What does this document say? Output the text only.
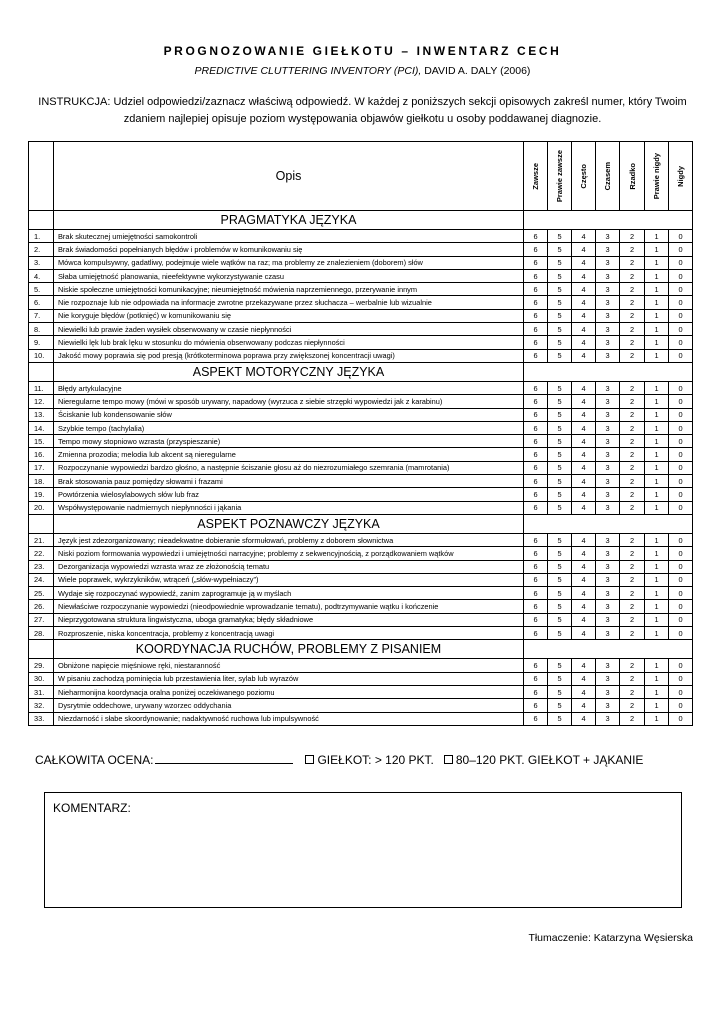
PROGNOZOWANIE GIEŁKOTU – INWENTARZ CECH
PREDICTIVE CLUTTERING INVENTORY (PCI), DAVID A. DALY (2006)
INSTRUKCJA: Udziel odpowiedzi/zaznacz właściwą odpowiedź. W każdej z poniższych sekcji opisowych zakreśl numer, który Twoim zdaniem najlepiej opisuje poziom występowania objawów giełkotu u osoby poddawanej diagnozie.
	Opis	Zawsze	Prawie zawsze	Często	Czasem	Rzadko	Prawie nigdy	Nigdy

	PRAGMATYKA JĘZYKA							
1.	Brak skutecznej umiejętności samokontroli	6	5	4	3	2	1	0
2.	Brak świadomości popełnianych błędów i problemów w komunikowaniu się	6	5	4	3	2	1	0
3.	Mówca kompulsywny, gadatliwy, podejmuje wiele wątków na raz; ma problemy ze znalezieniem (doborem) słów	6	5	4	3	2	1	0
4.	Słaba umiejętność planowania, nieefektywne wykorzystywanie czasu	6	5	4	3	2	1	0
5.	Niskie społeczne umiejętności komunikacyjne; nieumiejętność mówienia naprzemiennego, przerywanie innym	6	5	4	3	2	1	0
6.	Nie rozpoznaje lub nie odpowiada na informacje zwrotne przekazywane przez słuchacza – werbalnie lub wizualnie	6	5	4	3	2	1	0
7.	Nie koryguje błędów (potknięć) w komunikowaniu się	6	5	4	3	2	1	0
8.	Niewielki lub prawie żaden wysiłek obserwowany w czasie niepłynności	6	5	4	3	2	1	0
9.	Niewielki lęk lub brak lęku w stosunku do mówienia obserwowany podczas niepłynności	6	5	4	3	2	1	0
10.	Jakość mowy poprawia się pod presją (krótkoterminowa poprawa przy zwiększonej koncentracji uwagi)	6	5	4	3	2	1	0
	ASPEKT MOTORYCZNY JĘZYKA							
11.	Błędy artykulacyjne	6	5	4	3	2	1	0
12.	Nieregularne tempo mowy (mówi w sposób urywany, napadowy (wyrzuca z siebie strzępki wypowiedzi jak z karabinu)	6	5	4	3	2	1	0
13.	Ściskanie lub kondensowanie słów	6	5	4	3	2	1	0
14.	Szybkie tempo (tachylalia)	6	5	4	3	2	1	0
15.	Tempo mowy stopniowo wzrasta (przyspieszanie)	6	5	4	3	2	1	0
16.	Zmienna prozodia; melodia lub akcent są nieregularne	6	5	4	3	2	1	0
17.	Rozpoczynanie wypowiedzi bardzo głośno, a następnie ściszanie głosu aż do niezrozumiałego szemrania (mamrotania)	6	5	4	3	2	1	0
18.	Brak stosowania pauz pomiędzy słowami i frazami	6	5	4	3	2	1	0
19.	Powtórzenia wielosylabowych słów lub fraz	6	5	4	3	2	1	0
20.	Współwystępowanie nadmiernych niepłynności i jąkania	6	5	4	3	2	1	0
	ASPEKT POZNAWCZY JĘZYKA							
21.	Język jest zdezorganizowany; nieadekwatne dobieranie sformułowań, problemy z doborem słownictwa	6	5	4	3	2	1	0
22.	Niski poziom formowania wypowiedzi i umiejętności narracyjne; problemy z sekwencyjnością, z porządkowaniem wątków	6	5	4	3	2	1	0
23.	Dezorganizacja wypowiedzi wzrasta wraz ze złożonością tematu	6	5	4	3	2	1	0
24.	Wiele poprawek, wykrzykników, wtrąceń („słów-wypełniaczy”)	6	5	4	3	2	1	0
25.	Wydaje się rozpoczynać wypowiedź, zanim zaprogramuje ją w myślach	6	5	4	3	2	1	0
26.	Niewłaściwe rozpoczynanie wypowiedzi (nieodpowiednie wprowadzanie tematu), podtrzymywanie wątku i kończenie	6	5	4	3	2	1	0
27.	Nieprzygotowana struktura lingwistyczna, uboga gramatyka; błędy składniowe	6	5	4	3	2	1	0
28.	Rozproszenie, niska koncentracja, problemy z koncentracją uwagi	6	5	4	3	2	1	0
	KOORDYNACJA RUCHÓW, PROBLEMY Z PISANIEM							
29.	Obniżone napięcie mięśniowe ręki, niestaranność	6	5	4	3	2	1	0
30.	W pisaniu zachodzą pominięcia lub przestawienia liter, sylab lub wyrazów	6	5	4	3	2	1	0
31.	Nieharmonijna koordynacja oralna poniżej oczekiwanego poziomu	6	5	4	3	2	1	0
32.	Dysrytmie oddechowe, urywany wzorzec oddychania	6	5	4	3	2	1	0
33.	Niezdarność i słabe skoordynowanie; nadaktywność ruchowa lub impulsywność	6	5	4	3	2	1	0
CAŁKOWITA OCENA:	GIEŁKOT: > 120 PKT. 80–120 PKT. GIEŁKOT + JĄKANIE
KOMENTARZ:
Tłumaczenie: Katarzyna Węsierska
